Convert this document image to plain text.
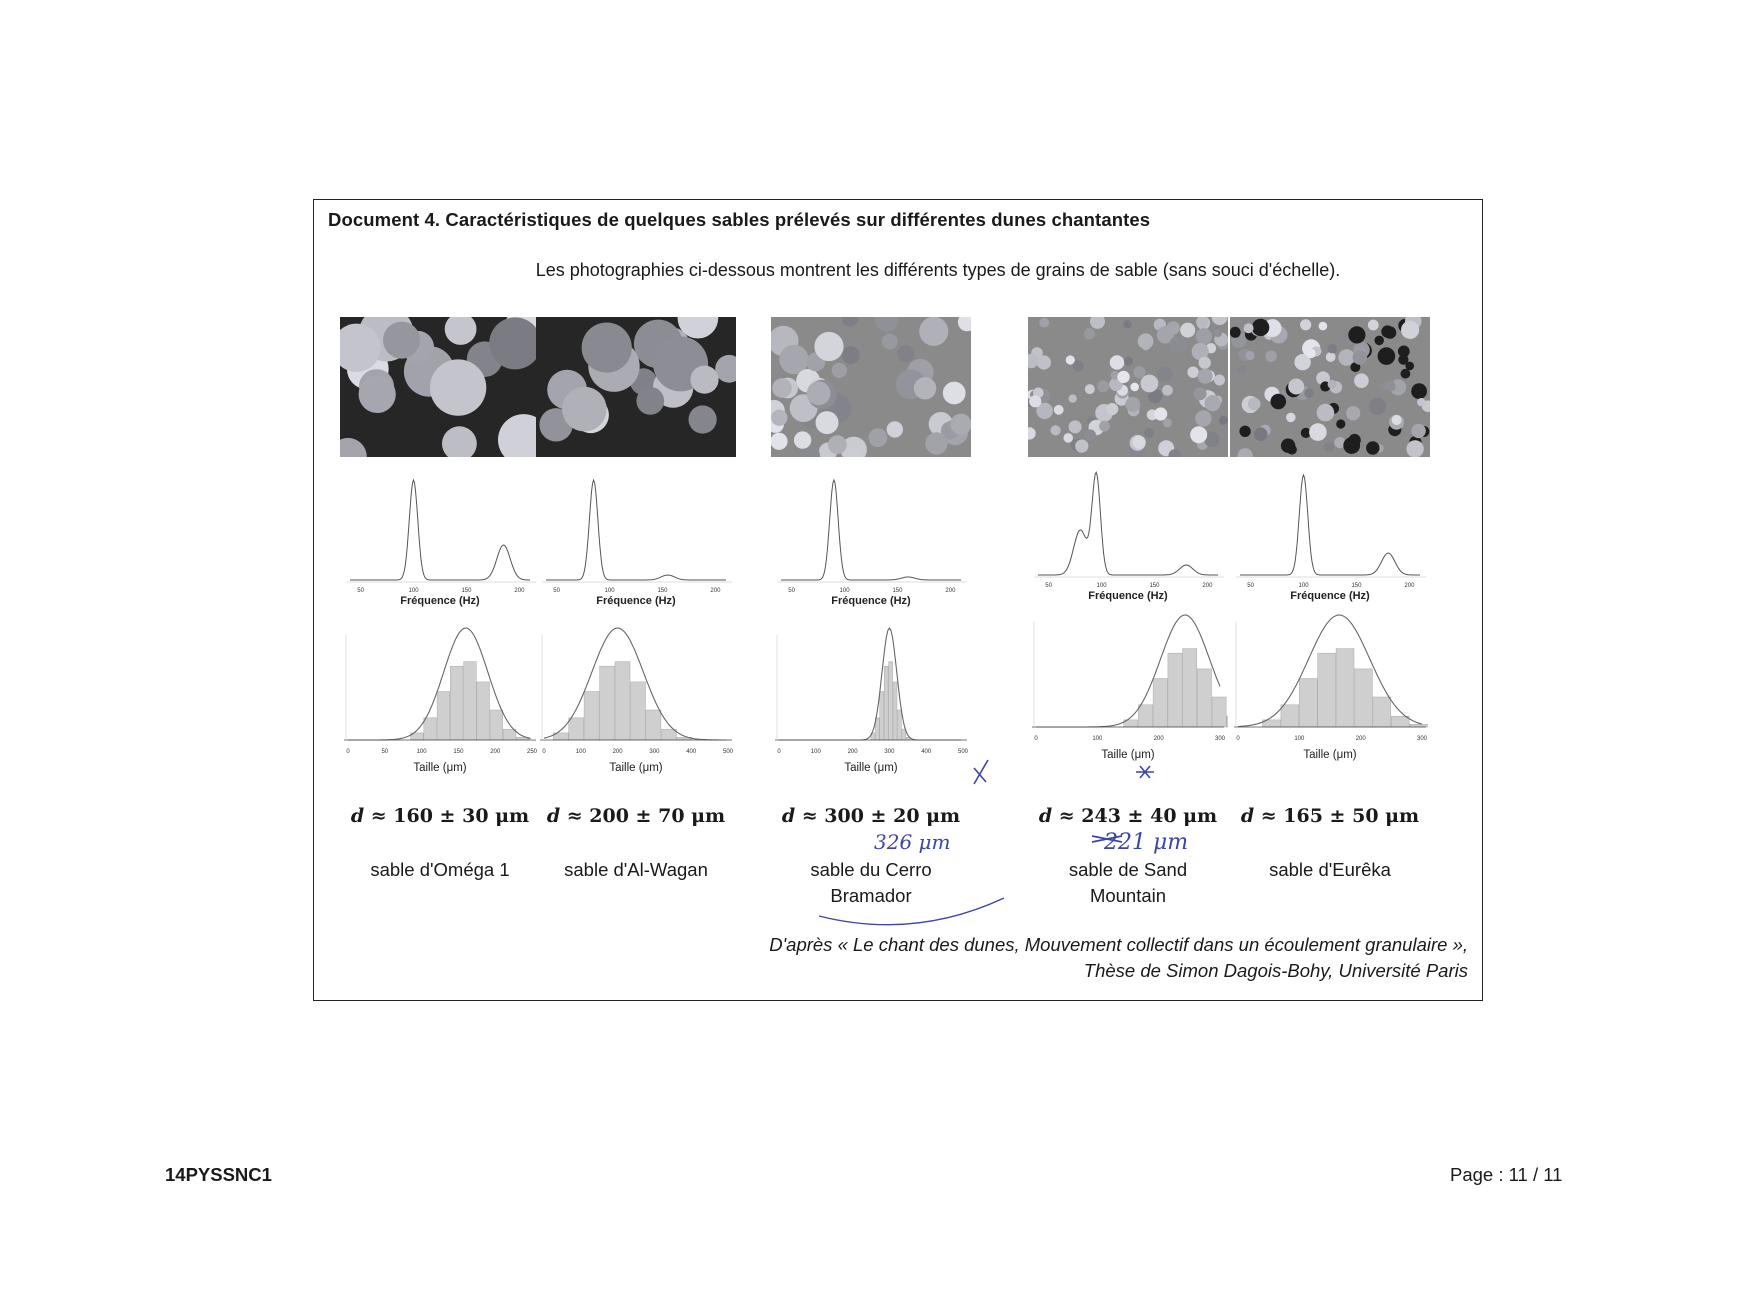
Document 4. Caractéristiques de quelques sables prélevés sur différentes dunes chantantes
Les photographies ci-dessous montrent les différents types de grains de sable (sans souci d'échelle).
50	100	150	200
Fréquence (Hz)
0	50	100	150	200	250
Taille (μm)
d ≈ 160 ± 30 μm
sable d'Oméga 1
50	100	150	200
Fréquence (Hz)
0	100	200	300	400	500
Taille (μm)
d ≈ 200 ± 70 μm
sable d'Al-Wagan
50	100	150	200
Fréquence (Hz)
0	100	200	300	400	500
Taille (μm)
d ≈ 300 ± 20 μm
sable du Cerro
Bramador
50	100	150	200
Fréquence (Hz)
0	100	200	300
Taille (μm)
d ≈ 243 ± 40 μm
sable de Sand
Mountain
50	100	150	200
Fréquence (Hz)
0	100	200	300
Taille (μm)
d ≈ 165 ± 50 μm
sable d'Eurêka
D'après « Le chant des dunes, Mouvement collectif dans un écoulement granulaire »,
Thèse de Simon Dagois-Bohy, Université Paris
326 μm	221 μm
14PYSSNC1	Page : 11 / 11
